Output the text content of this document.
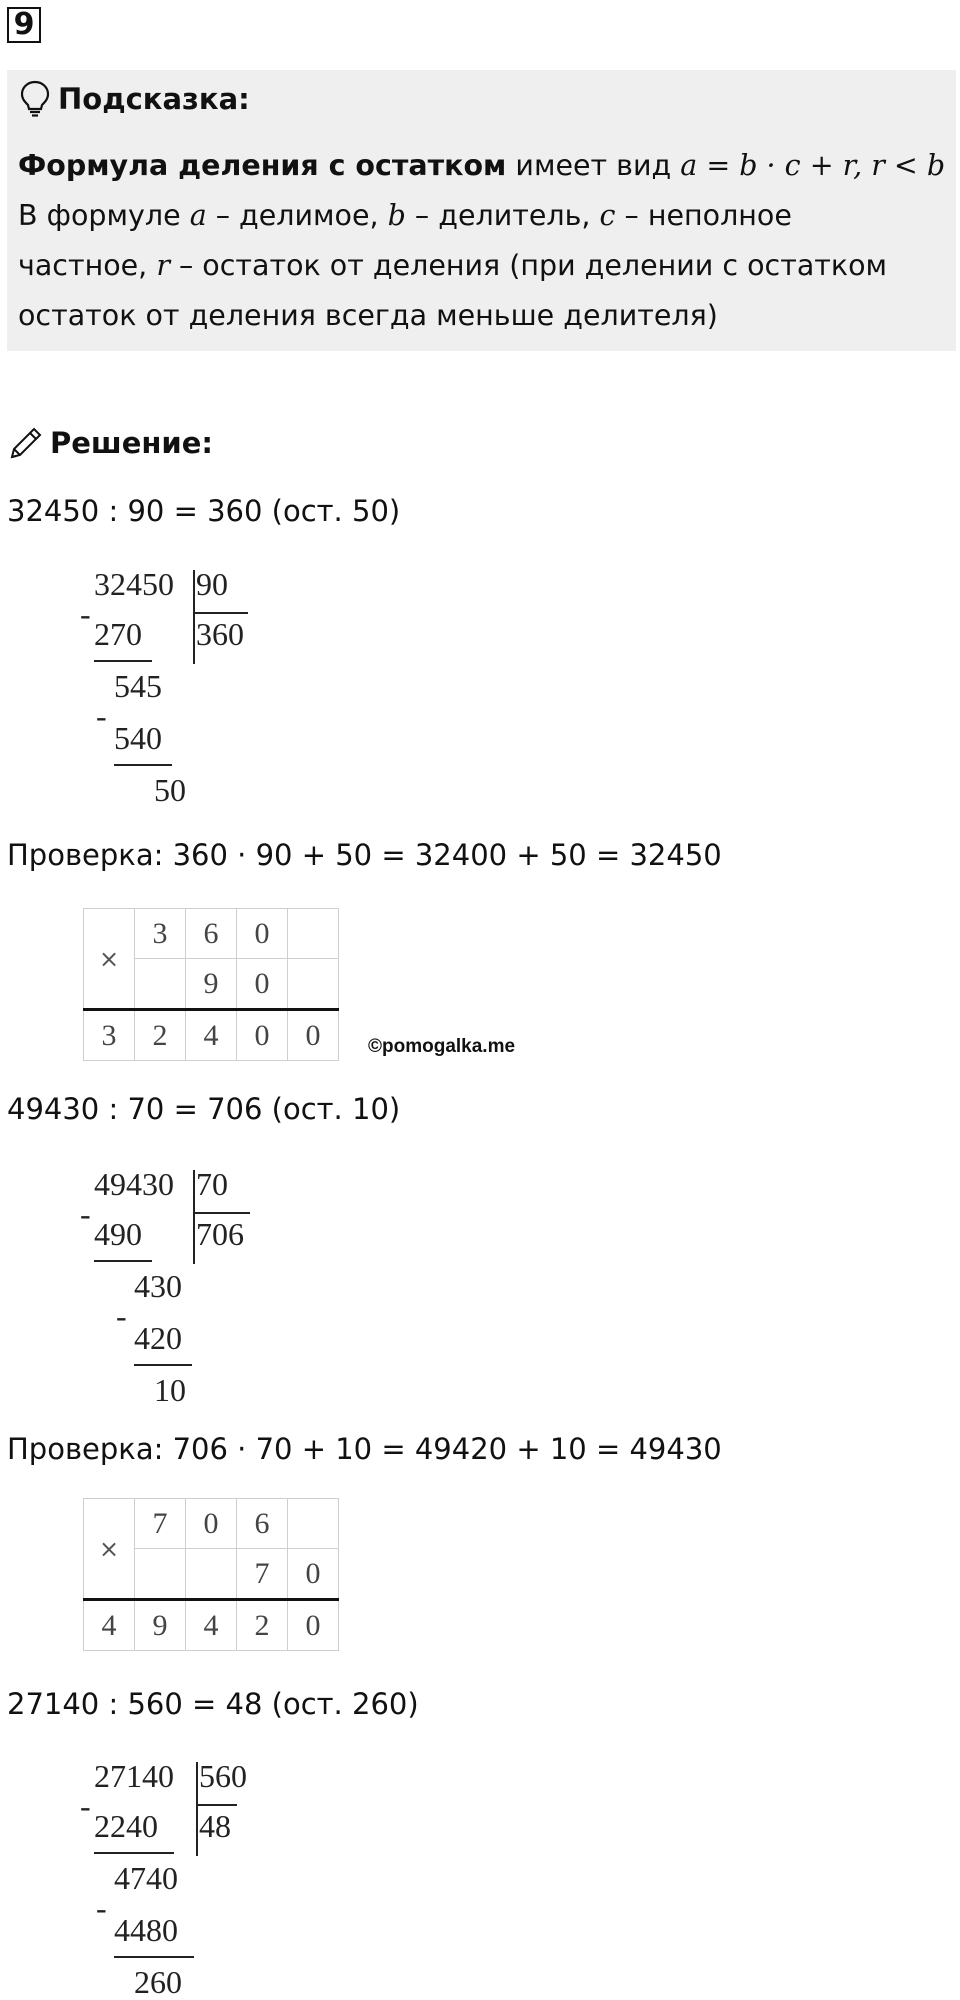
9
Подсказка:
Формула деления с остатком имеет вид a = b · c + r, r < b
В формуле a – делимое, b – делитель, c – неполное
частное, r – остаток от деления (при делении с остатком
остаток от деления всегда меньше делителя)
Решение:
32450 : 90 = 360 (ост. 50)
32450 90
360
-
270
545
-
540
50
Проверка: 360 · 90 + 50 = 32400 + 50 = 32450
×	3	6	0	
		9	0	
3	2	4	0	0	©pomogalka.me
49430 : 70 = 706 (ост. 10)
49430 70
706
-
490
430
-
420
10
Проверка: 706 · 70 + 10 = 49420 + 10 = 49430
×	7	0	6	
			7	0
4	9	4	2	0
27140 : 560 = 48 (ост. 260)
27140 560
48
-
2240
4740
-
4480
260
